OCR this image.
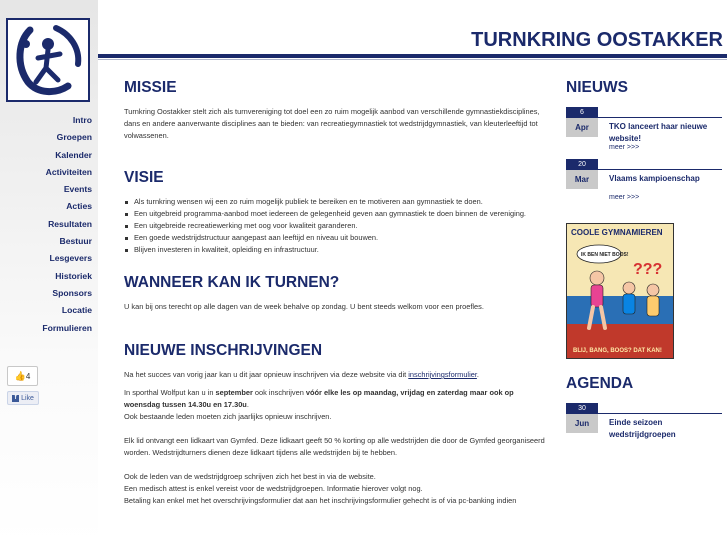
Intro
Groepen
Kalender
Activiteiten
Events
Acties
Resultaten
Bestuur
Lesgevers
Historiek
Sponsors
Locatie
Formulieren
👍 4
f Like
TURNKRING OOSTAKKER
MISSIE

Turnkring Oostakker stelt zich als turnvereniging tot doel een zo ruim mogelijk aanbod van verschillende gymnastiekdisciplines, dans en andere aanverwante disciplines aan te bieden: van recreatiegymnastiek tot wedstrijdgymnastiek, van kleuterleeftijd tot volwassenen.

VISIE
Als turnkring wensen wij een zo ruim mogelijk publiek te bereiken en te motiveren aan gymnastiek te doen.
Een uitgebreid programma-aanbod moet iedereen de gelegenheid geven aan gymnastiek te doen binnen de vereniging.
Een uitgebreide recreatiewerking met oog voor kwaliteit garanderen.
Een goede wedstrijdstructuur aangepast aan leeftijd en niveau uit bouwen.
Blijven investeren in kwaliteit, opleiding en infrastructuur.
WANNEER KAN IK TURNEN?

U kan bij ons terecht op alle dagen van de week behalve op zondag. U bent steeds welkom voor een proefles.

NIEUWE INSCHRIJVINGEN

Na het succes van vorig jaar kan u dit jaar opnieuw inschrijven via deze website via dit inschrijvingsformulier.

In sporthal Wolfput kan u in september ook inschrijven vóór elke les op maandag, vrijdag en zaterdag maar ook op woensdag tussen 14.30u en 17.30u.
Ook bestaande leden moeten zich jaarlijks opnieuw inschrijven.

Elk lid ontvangt een lidkaart van Gymfed. Deze lidkaart geeft 50 % korting op alle wedstrijden die door de Gymfed georganiseerd worden. Wedstrijdturners dienen deze lidkaart tijdens alle wedstrijden bij te hebben.

Ook de leden van de wedstrijdgroep schrijven zich het best in via de website.
Een medisch attest is enkel vereist voor de wedstrijdgroepen. Informatie hierover volgt nog.
Betaling kan enkel met het overschrijvingsformulier dat aan het inschrijvingsformulier gehecht is of via pc-banking indien

NIEUWS
6
Apr	TKO lanceert haar nieuwe website!
meer >>>
20
Mar	Vlaams kampioenschap
meer >>>
COOLE GYMNAMIEREN
IK BEN NIET BOOS!
???
BLIJ, BANG, BOOS? DAT KAN!
AGENDA
30
Jun	Einde seizoen wedstrijdgroepen
